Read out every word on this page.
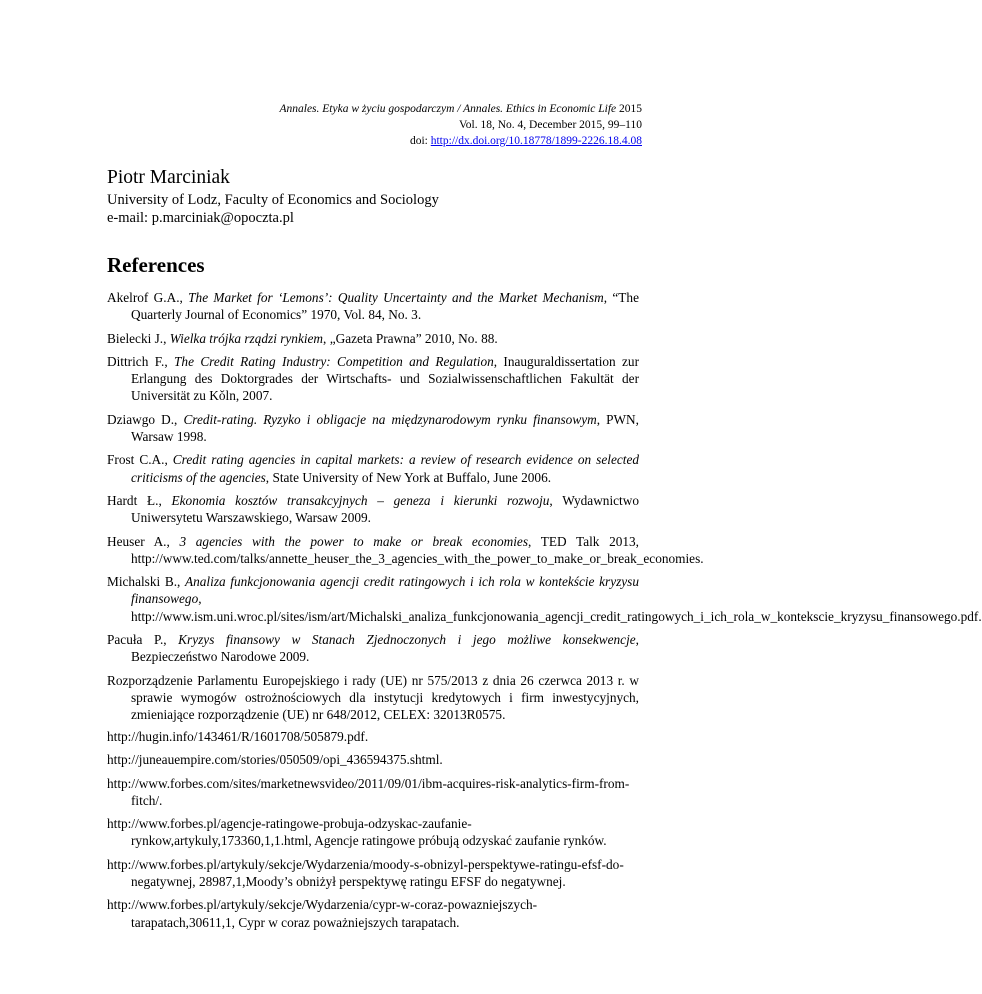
Annales. Etyka w życiu gospodarczym / Annales. Ethics in Economic Life 2015
Vol. 18, No. 4, December 2015, 99–110
doi: http://dx.doi.org/10.18778/1899-2226.18.4.08
Piotr Marciniak
University of Lodz, Faculty of Economics and Sociology
e-mail: p.marciniak@opoczta.pl
References
Akelrof G.A., The Market for ‘Lemons’: Quality Uncertainty and the Market Mechanism, “The Quarterly Journal of Economics” 1970, Vol. 84, No. 3.
Bielecki J., Wielka trójka rządzi rynkiem, „Gazeta Prawna” 2010, No. 88.
Dittrich F., The Credit Rating Industry: Competition and Regulation, Inauguraldissertation zur Erlangung des Doktorgrades der Wirtschafts- und Sozialwissenschaftlichen Fakultät der Universität zu Kǒln, 2007.
Dziawgo D., Credit-rating. Ryzyko i obligacje na międzynarodowym rynku finansowym, PWN, Warsaw 1998.
Frost C.A., Credit rating agencies in capital markets: a review of research evidence on selected criticisms of the agencies, State University of New York at Buffalo, June 2006.
Hardt Ł., Ekonomia kosztów transakcyjnych – geneza i kierunki rozwoju, Wydawnictwo Uniwersytetu Warszawskiego, Warsaw 2009.
Heuser A., 3 agencies with the power to make or break economies, TED Talk 2013, http://www.ted.com/talks/annette_heuser_the_3_agencies_with_the_power_to_make_or_break_economies.
Michalski B., Analiza funkcjonowania agencji credit ratingowych i ich rola w kontekście kryzysu finansowego, http://www.ism.uni.wroc.pl/sites/ism/art/Michalski_analiza_funkcjonowania_agencji_credit_ratingowych_i_ich_rola_w_kontekscie_kryzysu_finansowego.pdf.
Pacuła P., Kryzys finansowy w Stanach Zjednoczonych i jego możliwe konsekwencje, Bezpieczeństwo Narodowe 2009.
Rozporządzenie Parlamentu Europejskiego i rady (UE) nr 575/2013 z dnia 26 czerwca 2013 r. w sprawie wymogów ostrożnościowych dla instytucji kredytowych i firm inwestycyjnych, zmieniające rozporządzenie (UE) nr 648/2012, CELEX: 32013R0575.
http://hugin.info/143461/R/1601708/505879.pdf.
http://juneauempire.com/stories/050509/opi_436594375.shtml.
http://www.forbes.com/sites/marketnewsvideo/2011/09/01/ibm-acquires-risk-analytics-firm-from-fitch/.
http://www.forbes.pl/agencje-ratingowe-probuja-odzyskac-zaufanie-rynkow,artykuly,173360,1,1.html, Agencje ratingowe próbują odzyskać zaufanie rynków.
http://www.forbes.pl/artykuly/sekcje/Wydarzenia/moody-s-obnizyl-perspektywe-ratingu-efsf-do-negatywnej, 28987,1,Moody’s obniżył perspektywę ratingu EFSF do negatywnej.
http://www.forbes.pl/artykuly/sekcje/Wydarzenia/cypr-w-coraz-powazniejszych-tarapatach,30611,1, Cypr w coraz poważniejszych tarapatach.
